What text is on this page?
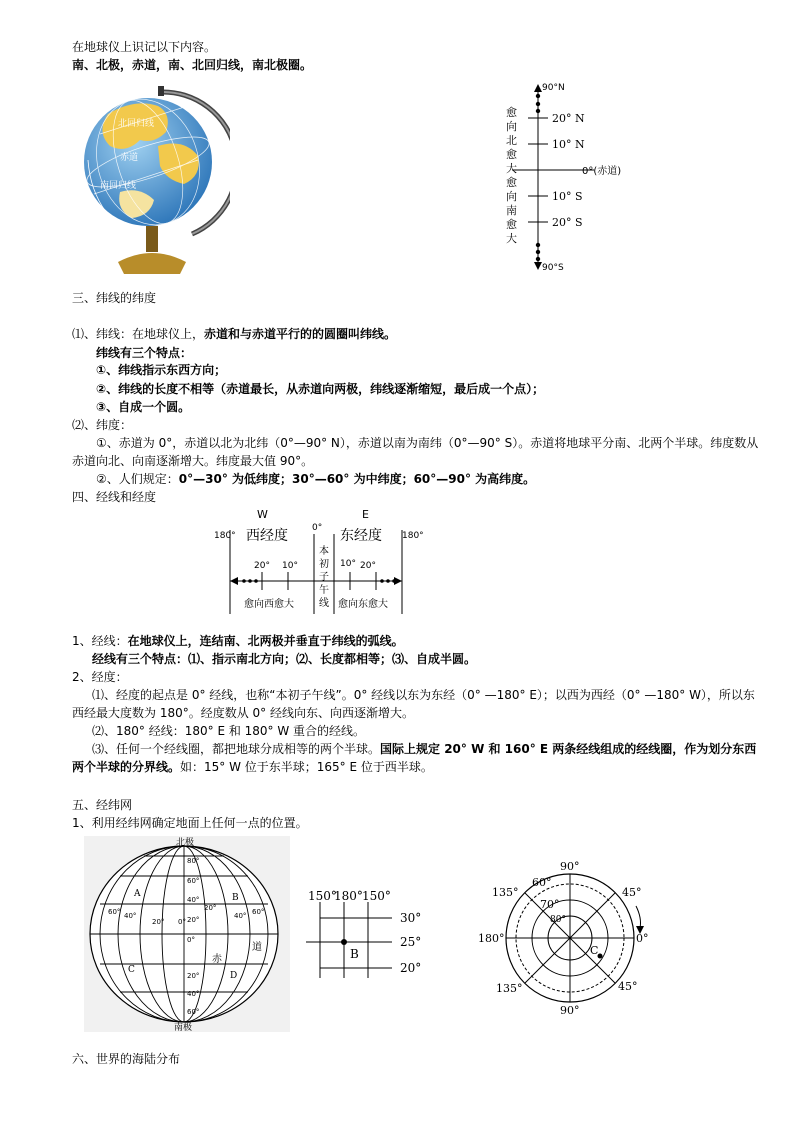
在地球仪上识记以下内容。
南、北极，赤道，南、北回归线，南北极圈。
北回归线
赤道
南回归线
90°N
20° N
10° N
0°(赤道)
10° S
20° S
90°S
愈
向
北
愈
大
愈
向
南
愈
大
三、纬线的纬度
⑴、纬线：在地球仪上，赤道和与赤道平行的的圆圈叫纬线。
纬线有三个特点：
①、纬线指示东西方向；
②、纬线的长度不相等（赤道最长，从赤道向两极，纬线逐渐缩短，最后成一个点）；
③、自成一个圆。
⑵、纬度：
①、赤道为 0°，赤道以北为北纬（0°—90° N），赤道以南为南纬（0°—90° S）。赤道将地球平分南、北两个半球。纬度数从赤道向北、向南逐渐增大。纬度最大值 90°。
②、人们规定：0°—30° 为低纬度；30°—60° 为中纬度；60°—90° 为高纬度。
四、经线和经度
W	E
西经度	东经度
0°
180°	180°
20° 10°	10° 20°
本
初
子
午
线
愈向西愈大	愈向东愈大
1、经线：在地球仪上，连结南、北两极并垂直于纬线的弧线。
经线有三个特点：⑴、指示南北方向；⑵、长度都相等；⑶、自成半圆。
2、经度：
⑴、经度的起点是 0° 经线，也称“本初子午线”。0° 经线以东为东经（0° —180° E）；以西为西经（0° —180° W），所以东西经最大度数为 180°。经度数从 0° 经线向东、向西逐渐增大。
⑵、180° 经线：180° E 和 180° W 重合的经线。
⑶、任何一个经线圈，都把地球分成相等的两个半球。国际上规定 20° W 和 160° E 两条经线组成的经线圈，作为划分东西两个半球的分界线。如：15° W 位于东半球；165° E 位于西半球。
五、经纬网
1、利用经纬网确定地面上任何一点的位置。
北极
南极
赤
道
A	B
C
D
80°
60°
40°
20°
0°
20°
40°
60°
60° 40°
20° 0°
20°
40° 60°
150°
180° 150°
30°
25°
20°
B
90°
135°
60°
45°
70°
80°
180°	0°
135°
90°
45°
C
六、世界的海陆分布
